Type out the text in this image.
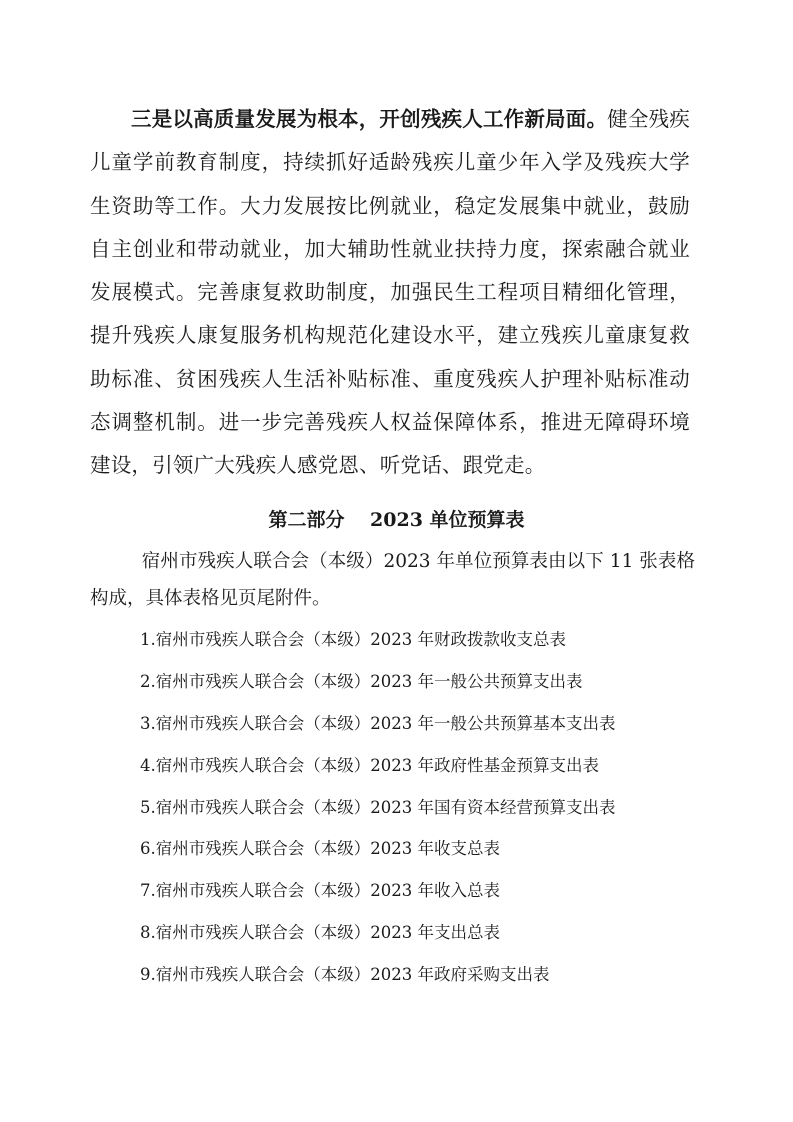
三是以高质量发展为根本，开创残疾人工作新局面。健全残疾儿童学前教育制度，持续抓好适龄残疾儿童少年入学及残疾大学生资助等工作。大力发展按比例就业，稳定发展集中就业，鼓励自主创业和带动就业，加大辅助性就业扶持力度，探索融合就业发展模式。完善康复救助制度，加强民生工程项目精细化管理，提升残疾人康复服务机构规范化建设水平，建立残疾儿童康复救助标准、贫困残疾人生活补贴标准、重度残疾人护理补贴标准动态调整机制。进一步完善残疾人权益保障体系，推进无障碍环境建设，引领广大残疾人感党恩、听党话、跟党走。

第二部分　 2023 单位预算表

宿州市残疾人联合会（本级）2023 年单位预算表由以下 11 张表格构成，具体表格见页尾附件。

1.宿州市残疾人联合会（本级）2023 年财政拨款收支总表
2.宿州市残疾人联合会（本级）2023 年一般公共预算支出表
3.宿州市残疾人联合会（本级）2023 年一般公共预算基本支出表
4.宿州市残疾人联合会（本级）2023 年政府性基金预算支出表
5.宿州市残疾人联合会（本级）2023 年国有资本经营预算支出表
6.宿州市残疾人联合会（本级）2023 年收支总表
7.宿州市残疾人联合会（本级）2023 年收入总表
8.宿州市残疾人联合会（本级）2023 年支出总表
9.宿州市残疾人联合会（本级）2023 年政府采购支出表
